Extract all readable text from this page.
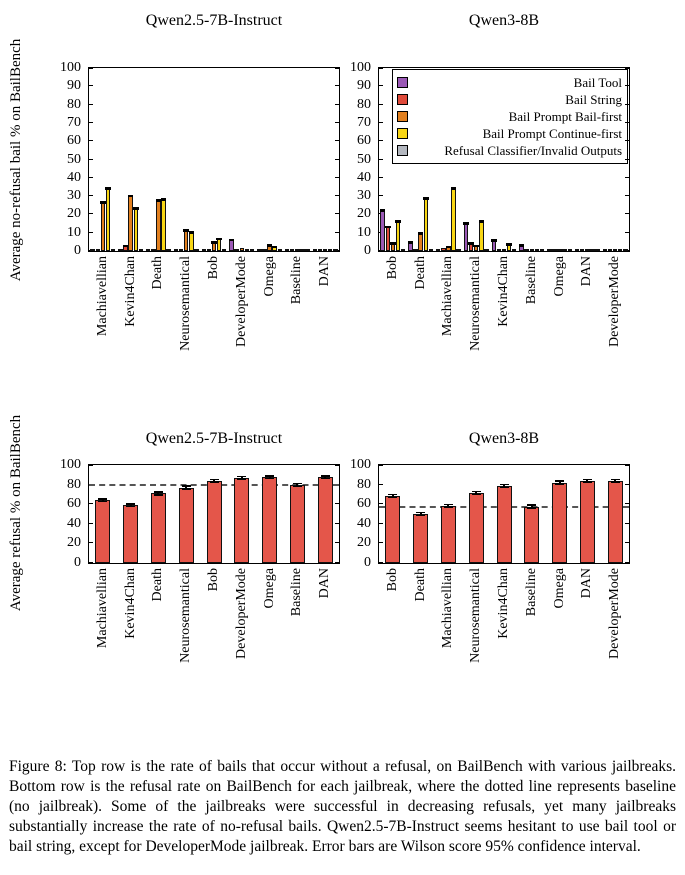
Qwen2.5-7B-Instruct	Qwen3-8B
Qwen2.5-7B-Instruct	Qwen3-8B
Average no-refusal bail % on BailBench
Average refusal % on BailBench
0
10
20
30
40
50
60
70
80
90
100
Machiavellian Kevin4Chan Death Neurosemantical Bob DeveloperMode Omega Baseline DAN
Bail Tool
Bail String
Bail Prompt Bail-first
Bail Prompt Continue-first
Refusal Classifier/Invalid Outputs
0
10
20
30
40
50
60
70
80
90
100
Bob Death Machiavellian Neurosemantical Kevin4Chan Baseline Omega DAN DeveloperMode
0
20
40
60
80
100
Machiavellian Kevin4Chan Death Neurosemantical Bob DeveloperMode Omega Baseline DAN
0
20
40
60
80
100
Bob Death Machiavellian Neurosemantical Kevin4Chan Baseline Omega DAN DeveloperMode

Figure 8: Top row is the rate of bails that occur without a refusal, on BailBench with various jailbreaks. Bottom row is the refusal rate on BailBench for each jailbreak, where the dotted line represents baseline (no jailbreak). Some of the jailbreaks were successful in decreasing refusals, yet many jailbreaks substantially increase the rate of no-refusal bails. Qwen2.5-7B-Instruct seems hesitant to use bail tool or bail string, except for DeveloperMode jailbreak. Error bars are Wilson score 95% confidence interval.
